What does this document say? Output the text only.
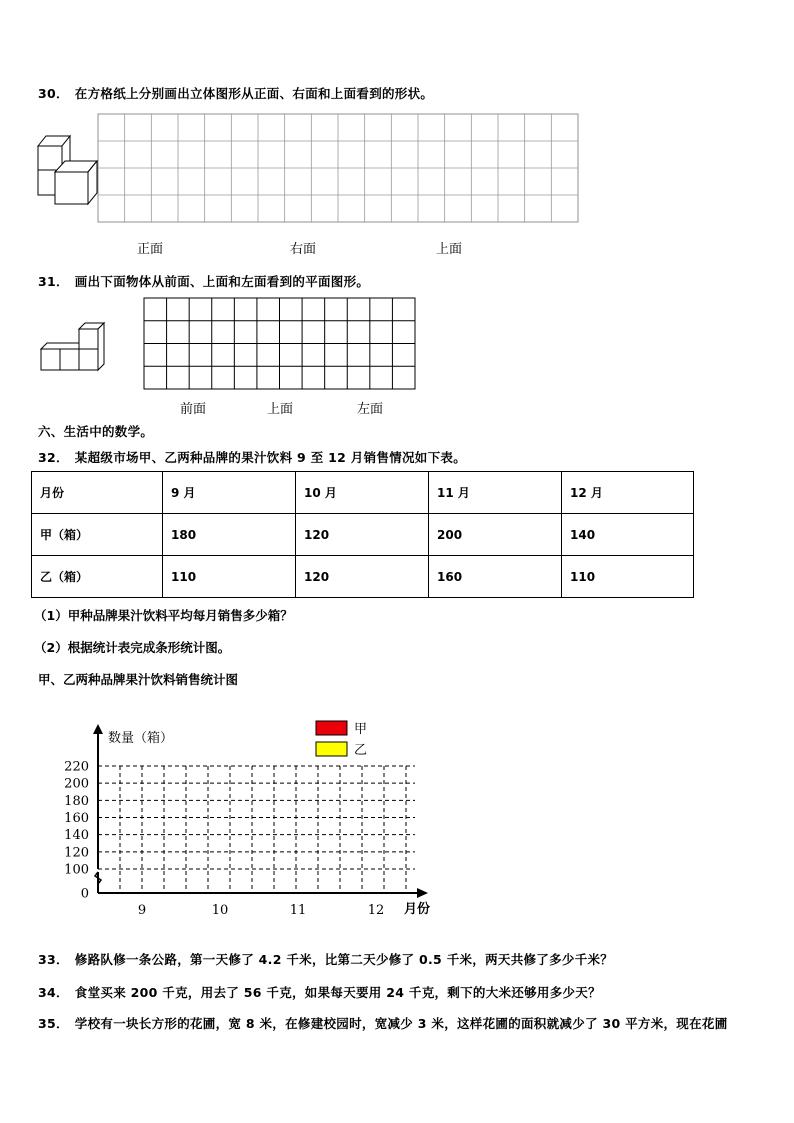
30． 在方格纸上分别画出立体图形从正面、右面和上面看到的形状。
0
100
120
140
160
180
200
220
9	10	11	12
数量（箱）
月份
甲
乙
正面	右面	上面
31． 画出下面物体从前面、上面和左面看到的平面图形。
前面	上面	左面
六、生活中的数学。
32． 某超级市场甲、乙两种品牌的果汁饮料 9 至 12 月销售情况如下表。
月份	9 月	10 月	11 月	12 月
甲（箱）	180	120	200	140
乙（箱）	110	120	160	110
（1）甲种品牌果汁饮料平均每月销售多少箱？
（2）根据统计表完成条形统计图。
甲、乙两种品牌果汁饮料销售统计图
33． 修路队修一条公路，第一天修了 4.2 千米，比第二天少修了 0.5 千米，两天共修了多少千米？
34． 食堂买来 200 千克，用去了 56 千克，如果每天要用 24 千克，剩下的大米还够用多少天？
35． 学校有一块长方形的花圃，宽 8 米，在修建校园时，宽减少 3 米，这样花圃的面积就减少了 30 平方米，现在花圃
